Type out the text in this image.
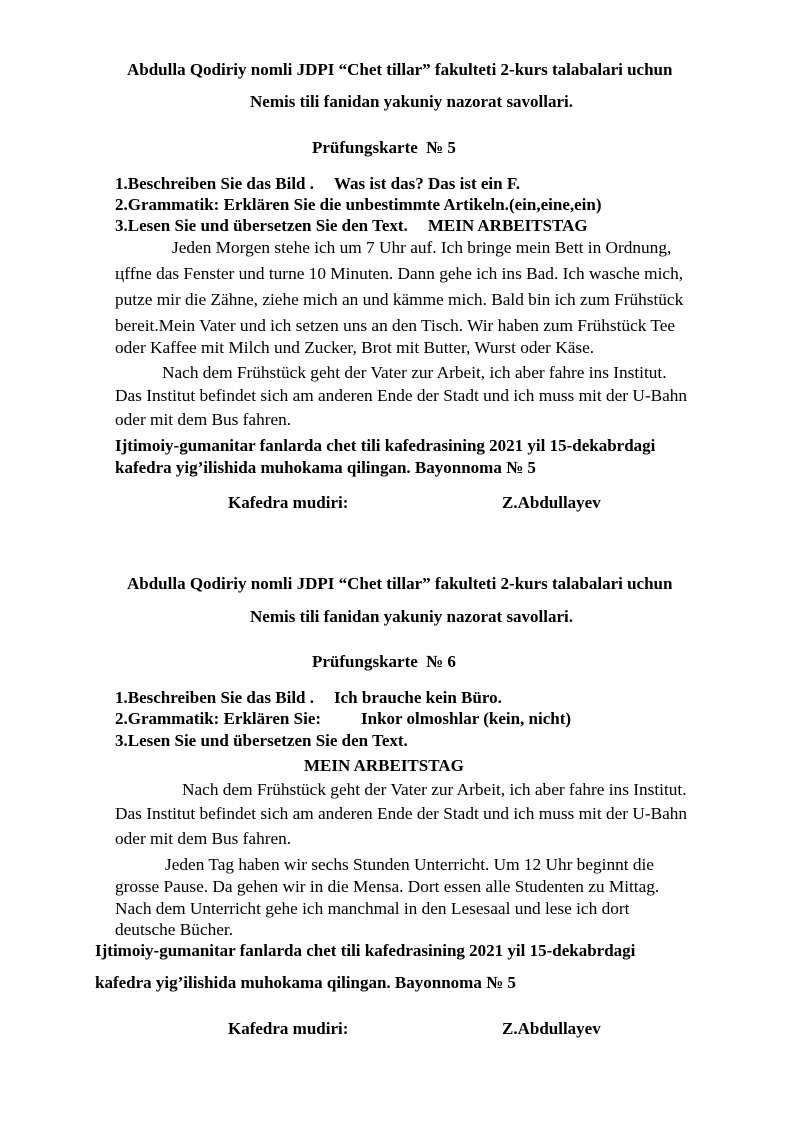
Abdulla Qodiriy nomli JDPI “Chet tillar” fakulteti 2-kurs talabalari uchun
Nemis tili fanidan yakuniy nazorat savollari.
Prüfungskarte № 5
1.Beschreiben Sie das Bild . Was ist das? Das ist ein F.
2.Grammatik: Erklären Sie die unbestimmte Artikeln.(ein,eine,ein)
3.Lesen Sie und übersetzen Sie den Text. MEIN ARBEITSTAG
Jeden Morgen stehe ich um 7 Uhr auf. Ich bringe mein Bett in Ordnung,
цffne das Fenster und turne 10 Minuten. Dann gehe ich ins Bad. Ich wasche mich,
putze mir die Zähne, ziehe mich an und kämme mich. Bald bin ich zum Frühstück
bereit.Mein Vater und ich setzen uns an den Tisch. Wir haben zum Frühstück Tee
oder Kaffee mit Milch und Zucker, Brot mit Butter, Wurst oder Käse.
Nach dem Frühstück geht der Vater zur Arbeit, ich aber fahre ins Institut.
Das Institut befindet sich am anderen Ende der Stadt und ich muss mit der U-Bahn
oder mit dem Bus fahren.
Ijtimoiy-gumanitar fanlarda chet tili kafedrasining 2021 yil 15-dekabrdagi
kafedra yig’ilishida muhokama qilingan. Bayonnoma № 5
Kafedra mudiri:	Z.Abdullayev
Abdulla Qodiriy nomli JDPI “Chet tillar” fakulteti 2-kurs talabalari uchun
Nemis tili fanidan yakuniy nazorat savollari.
Prüfungskarte № 6
1.Beschreiben Sie das Bild . Ich brauche kein Büro.
2.Grammatik: Erklären Sie: Inkor olmoshlar (kein, nicht)
3.Lesen Sie und übersetzen Sie den Text.
MEIN ARBEITSTAG
Nach dem Frühstück geht der Vater zur Arbeit, ich aber fahre ins Institut.
Das Institut befindet sich am anderen Ende der Stadt und ich muss mit der U-Bahn
oder mit dem Bus fahren.
Jeden Tag haben wir sechs Stunden Unterricht. Um 12 Uhr beginnt die
grosse Pause. Da gehen wir in die Mensa. Dort essen alle Studenten zu Mittag.
Nach dem Unterricht gehe ich manchmal in den Lesesaal und lese ich dort
deutsche Bücher.
Ijtimoiy-gumanitar fanlarda chet tili kafedrasining 2021 yil 15-dekabrdagi
kafedra yig’ilishida muhokama qilingan. Bayonnoma № 5
Kafedra mudiri:	Z.Abdullayev
